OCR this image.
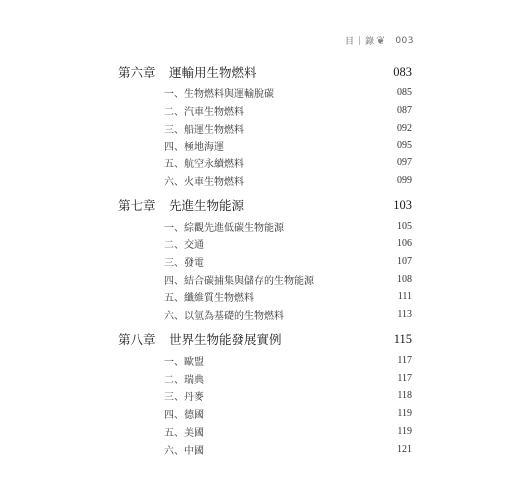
目 | 錄 ❦ 003
第六章	運輸用生物燃料	083
一、生物燃料與運輸脫碳	085
二、汽車生物燃料	087
三、船運生物燃料	092
四、極地海運	095
五、航空永續燃料	097
六、火車生物燃料	099
第七章	先進生物能源	103
一、綜觀先進低碳生物能源	105
二、交通	106
三、發電	107
四、結合碳捕集與儲存的生物能源	108
五、纖維質生物燃料	111
六、以氫為基礎的生物燃料	113
第八章	世界生物能發展實例	115
一、歐盟	117
二、瑞典	117
三、丹麥	118
四、德國	119
五、美國	119
六、中國	121
